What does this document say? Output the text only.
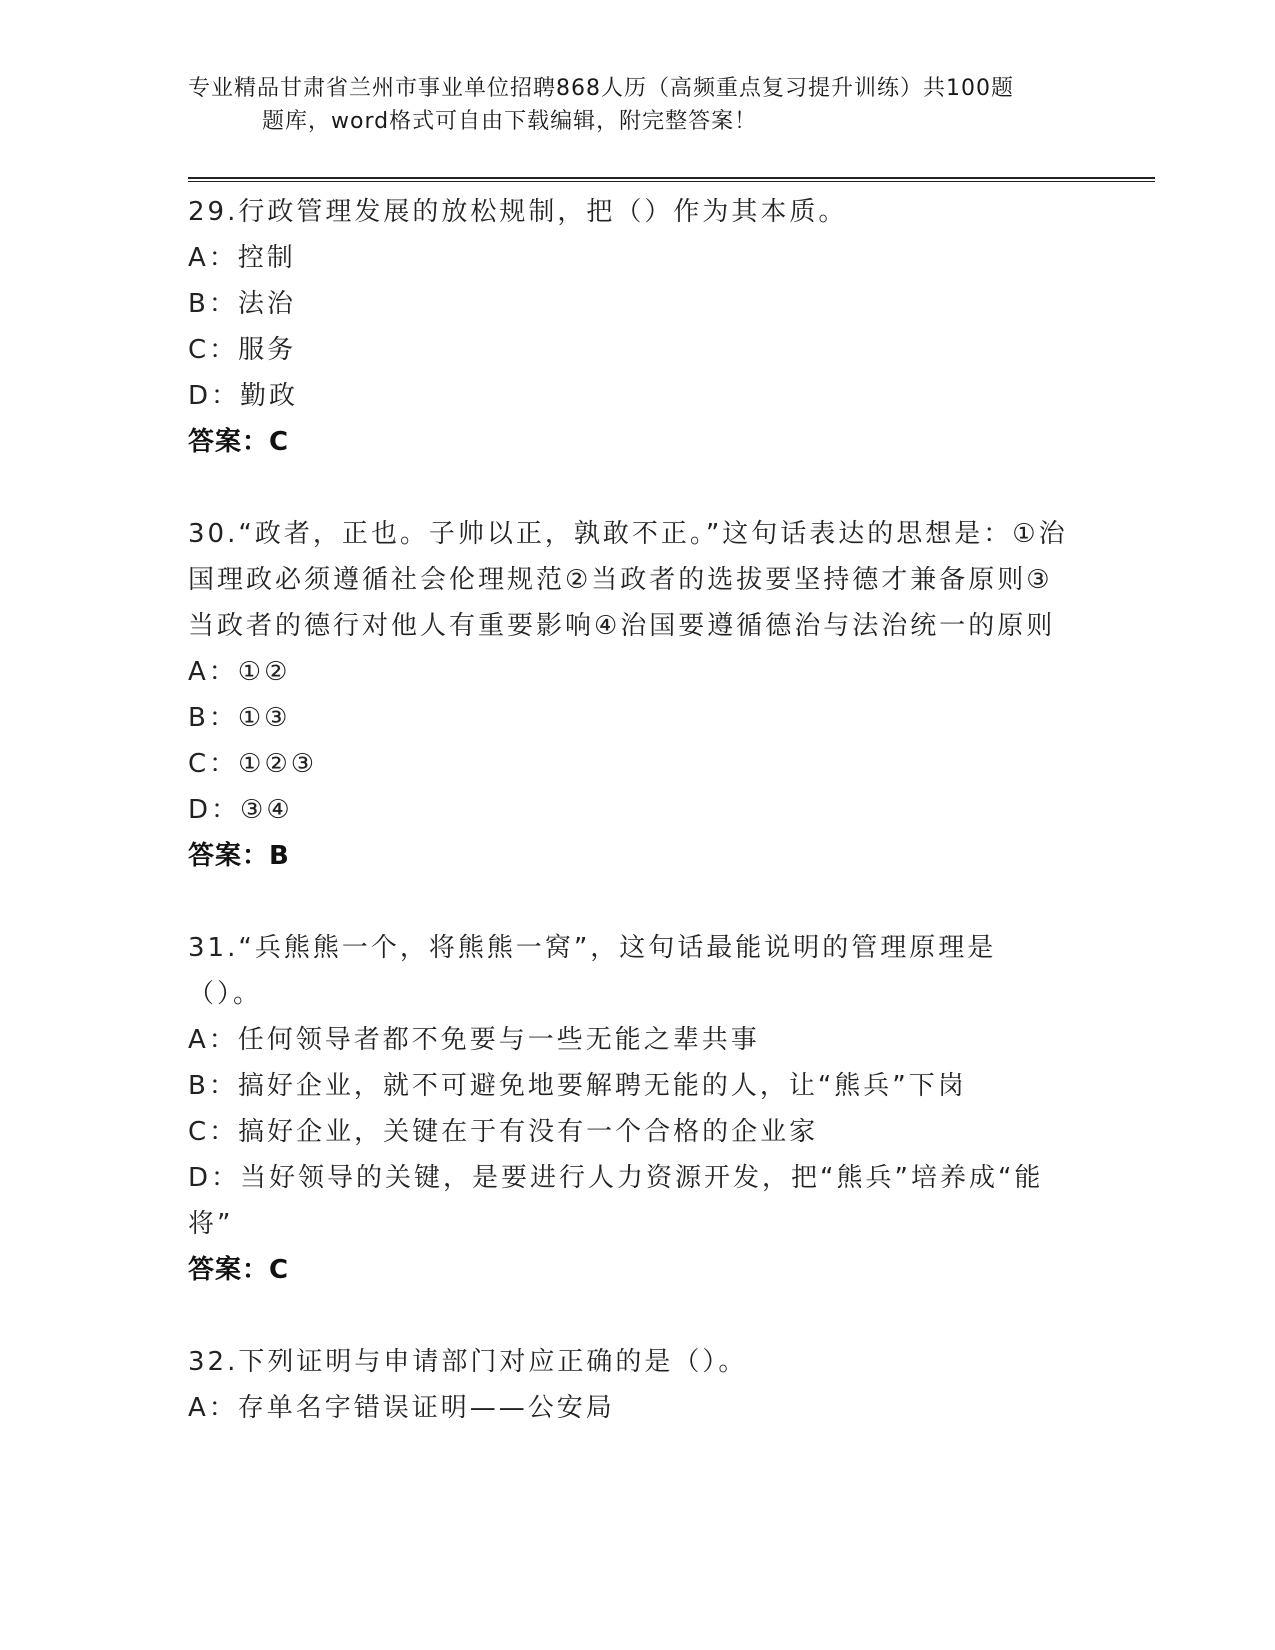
专业精品甘肃省兰州市事业单位招聘868人历（高频重点复习提升训练）共100题
题库，word格式可自由下载编辑，附完整答案！
29.行政管理发展的放松规制，把（）作为其本质。
A：控制
B：法治
C：服务
D：勤政
答案：C
30.“政者，正也。子帅以正，孰敢不正。”这句话表达的思想是：①治国理政必须遵循社会伦理规范②当政者的选拔要坚持德才兼备原则③当政者的德行对他人有重要影响④治国要遵循德治与法治统一的原则
A：①②
B：①③
C：①②③
D：③④
答案：B
31.“兵熊熊一个，将熊熊一窝”，这句话最能说明的管理原理是（）。
A：任何领导者都不免要与一些无能之辈共事
B：搞好企业，就不可避免地要解聘无能的人，让“熊兵”下岗
C：搞好企业，关键在于有没有一个合格的企业家
D：当好领导的关键，是要进行人力资源开发，把“熊兵”培养成“能将”
答案：C
32.下列证明与申请部门对应正确的是（）。
A：存单名字错误证明——公安局
